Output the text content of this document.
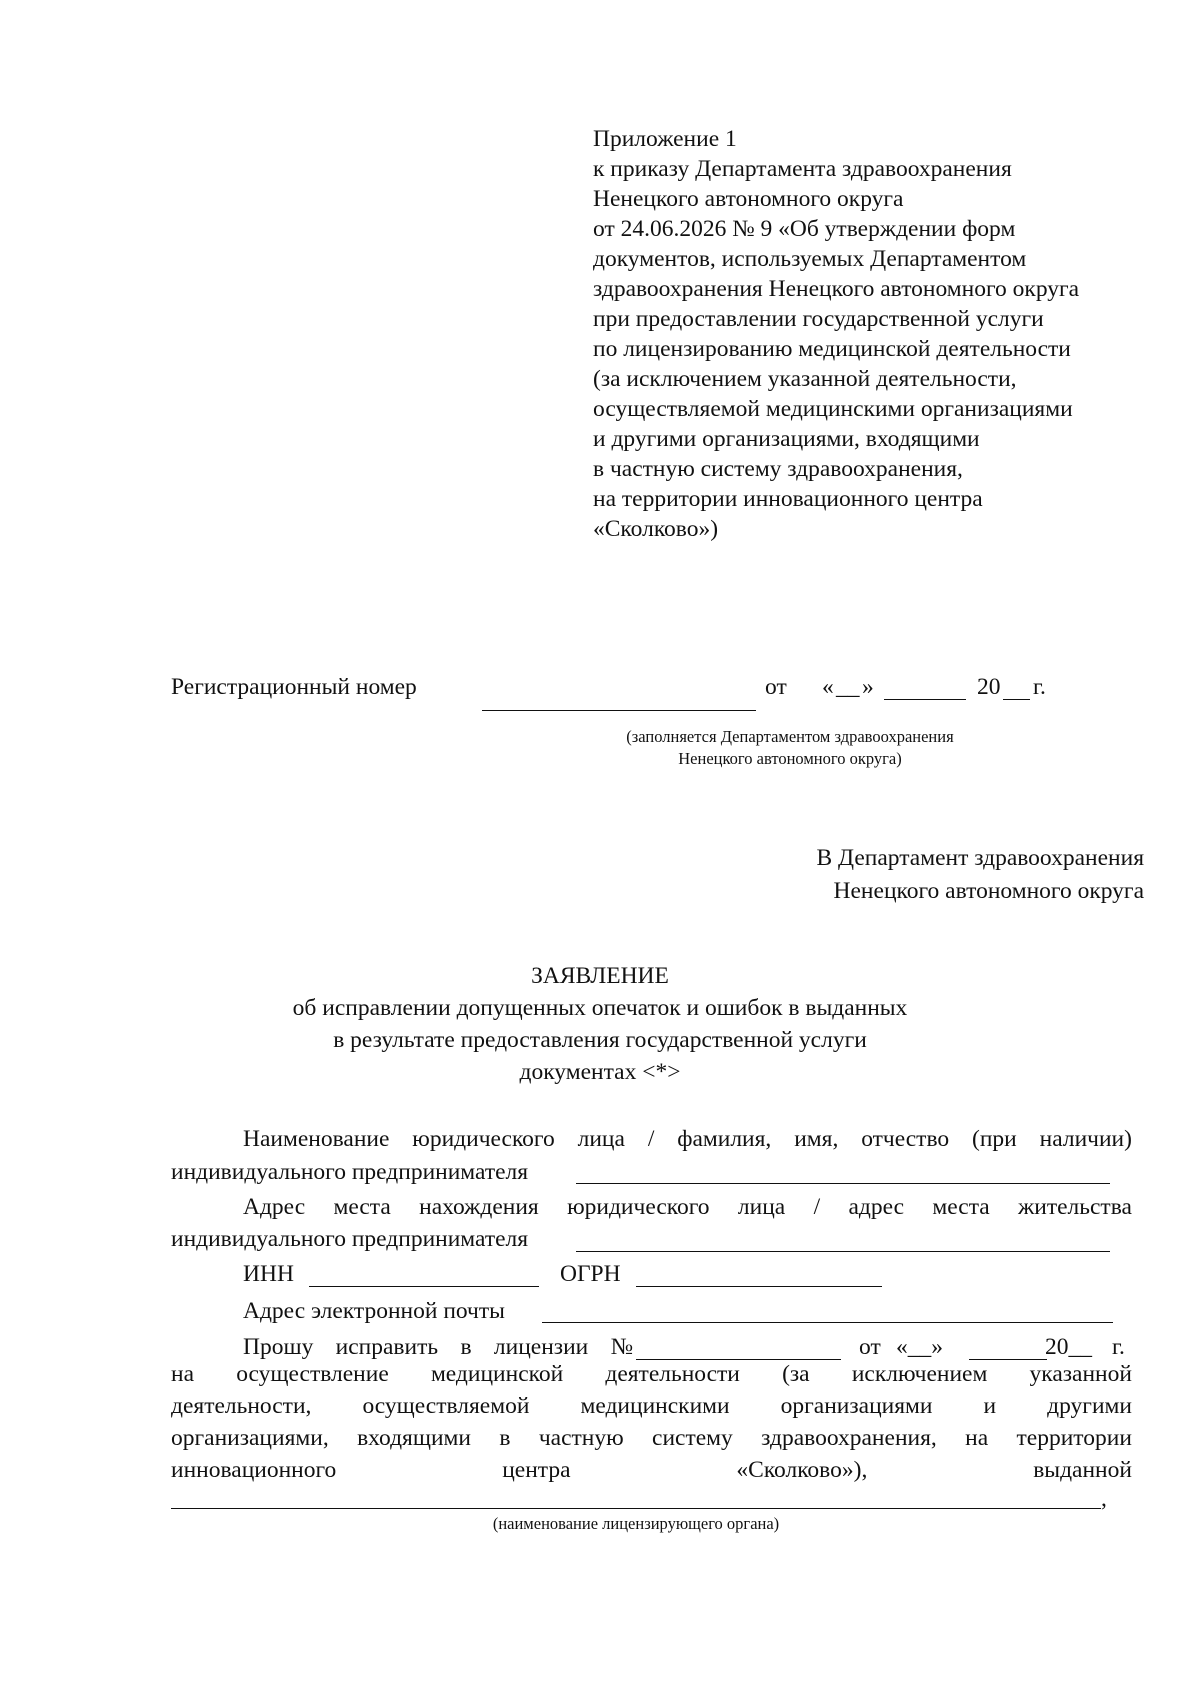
Приложение 1
к приказу Департамента здравоохранения
Ненецкого автономного округа
от 24.06.2026 № 9 «Об утверждении форм
документов, используемых Департаментом
здравоохранения Ненецкого автономного округа
при предоставлении государственной услуги
по лицензированию медицинской деятельности
(за исключением указанной деятельности,
осуществляемой медицинскими организациями
и другими организациями, входящими
в частную систему здравоохранения,
на территории инновационного центра
«Сколково»)
Регистрационный номер	от « __ »	20 г.
(заполняется Департаментом здравоохранения
Ненецкого автономного округа)
В Департамент здравоохранения
Ненецкого автономного округа
ЗАЯВЛЕНИЕ
об исправлении допущенных опечаток и ошибок в выданных
в результате предоставления государственной услуги
документах <*>
Наименование юридического лица / фамилия, имя, отчество (при наличии)
индивидуального предпринимателя
Адрес места нахождения юридического лица / адрес места жительства
индивидуального предпринимателя
ИНН	ОГРН
Адрес электронной почты
Прошу исправить в лицензии №	от «__»	20__ г.
на осуществление медицинской деятельности (за исключением указанной
деятельности, осуществляемой медицинскими организациями и другими
организациями, входящими в частную систему здравоохранения, на территории
инновационного	центра	«Сколково»),	выданной
,
(наименование лицензирующего органа)
